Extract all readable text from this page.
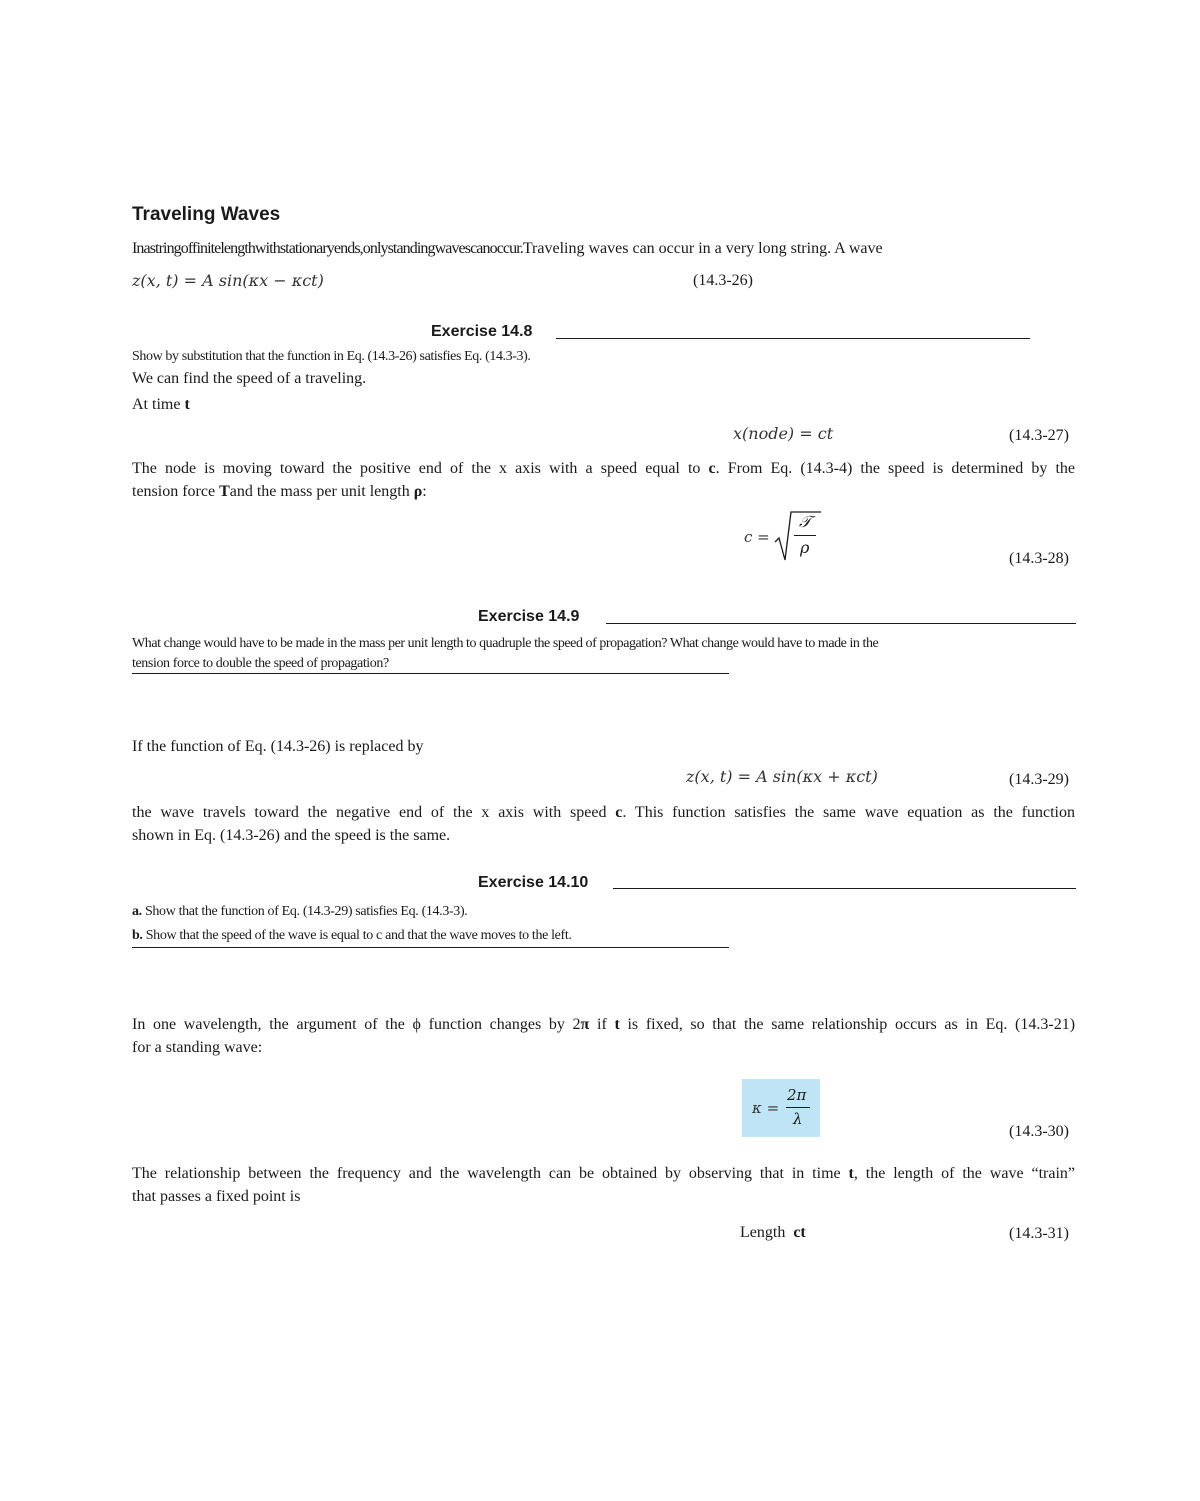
Traveling Waves

Inastringoffinitelengthwithstationaryends,onlystandingwavescanoccur.Traveling waves can occur in a very long string. A wave

z(x, t) = A sin(κx − κct)	(14.3-26)
Exercise 14.8

Show by substitution that the function in Eq. (14.3-26) satisfies Eq. (14.3-3).

We can find the speed of a traveling.

At time t

x(node) = ct	(14.3-27)
The node is moving toward the positive end of the x axis with a speed equal to c. From Eq. (14.3-4) the speed is determined by the
tension force Tand the mass per unit length ρ:
c =
𝒯
ρ
(14.3-28)
Exercise 14.9

What change would have to be made in the mass per unit length to quadruple the speed of propagation? What change would have to made in the

tension force to double the speed of propagation?

If the function of Eq. (14.3-26) is replaced by

z(x, t) = A sin(κx + κct)	(14.3-29)
the wave travels toward the negative end of the x axis with speed c. This function satisfies the same wave equation as the function
shown in Eq. (14.3-26) and the speed is the same.
Exercise 14.10

a. Show that the function of Eq. (14.3-29) satisfies Eq. (14.3-3).

b. Show that the speed of the wave is equal to c and that the wave moves to the left.

In one wavelength, the argument of the ϕ function changes by 2π if t is fixed, so that the same relationship occurs as in Eq. (14.3-21)
for a standing wave:
κ =
2π
λ
(14.3-30)
The relationship between the frequency and the wavelength can be obtained by observing that in time t, the length of the wave “train”
that passes a fixed point is
Length ct	(14.3-31)
